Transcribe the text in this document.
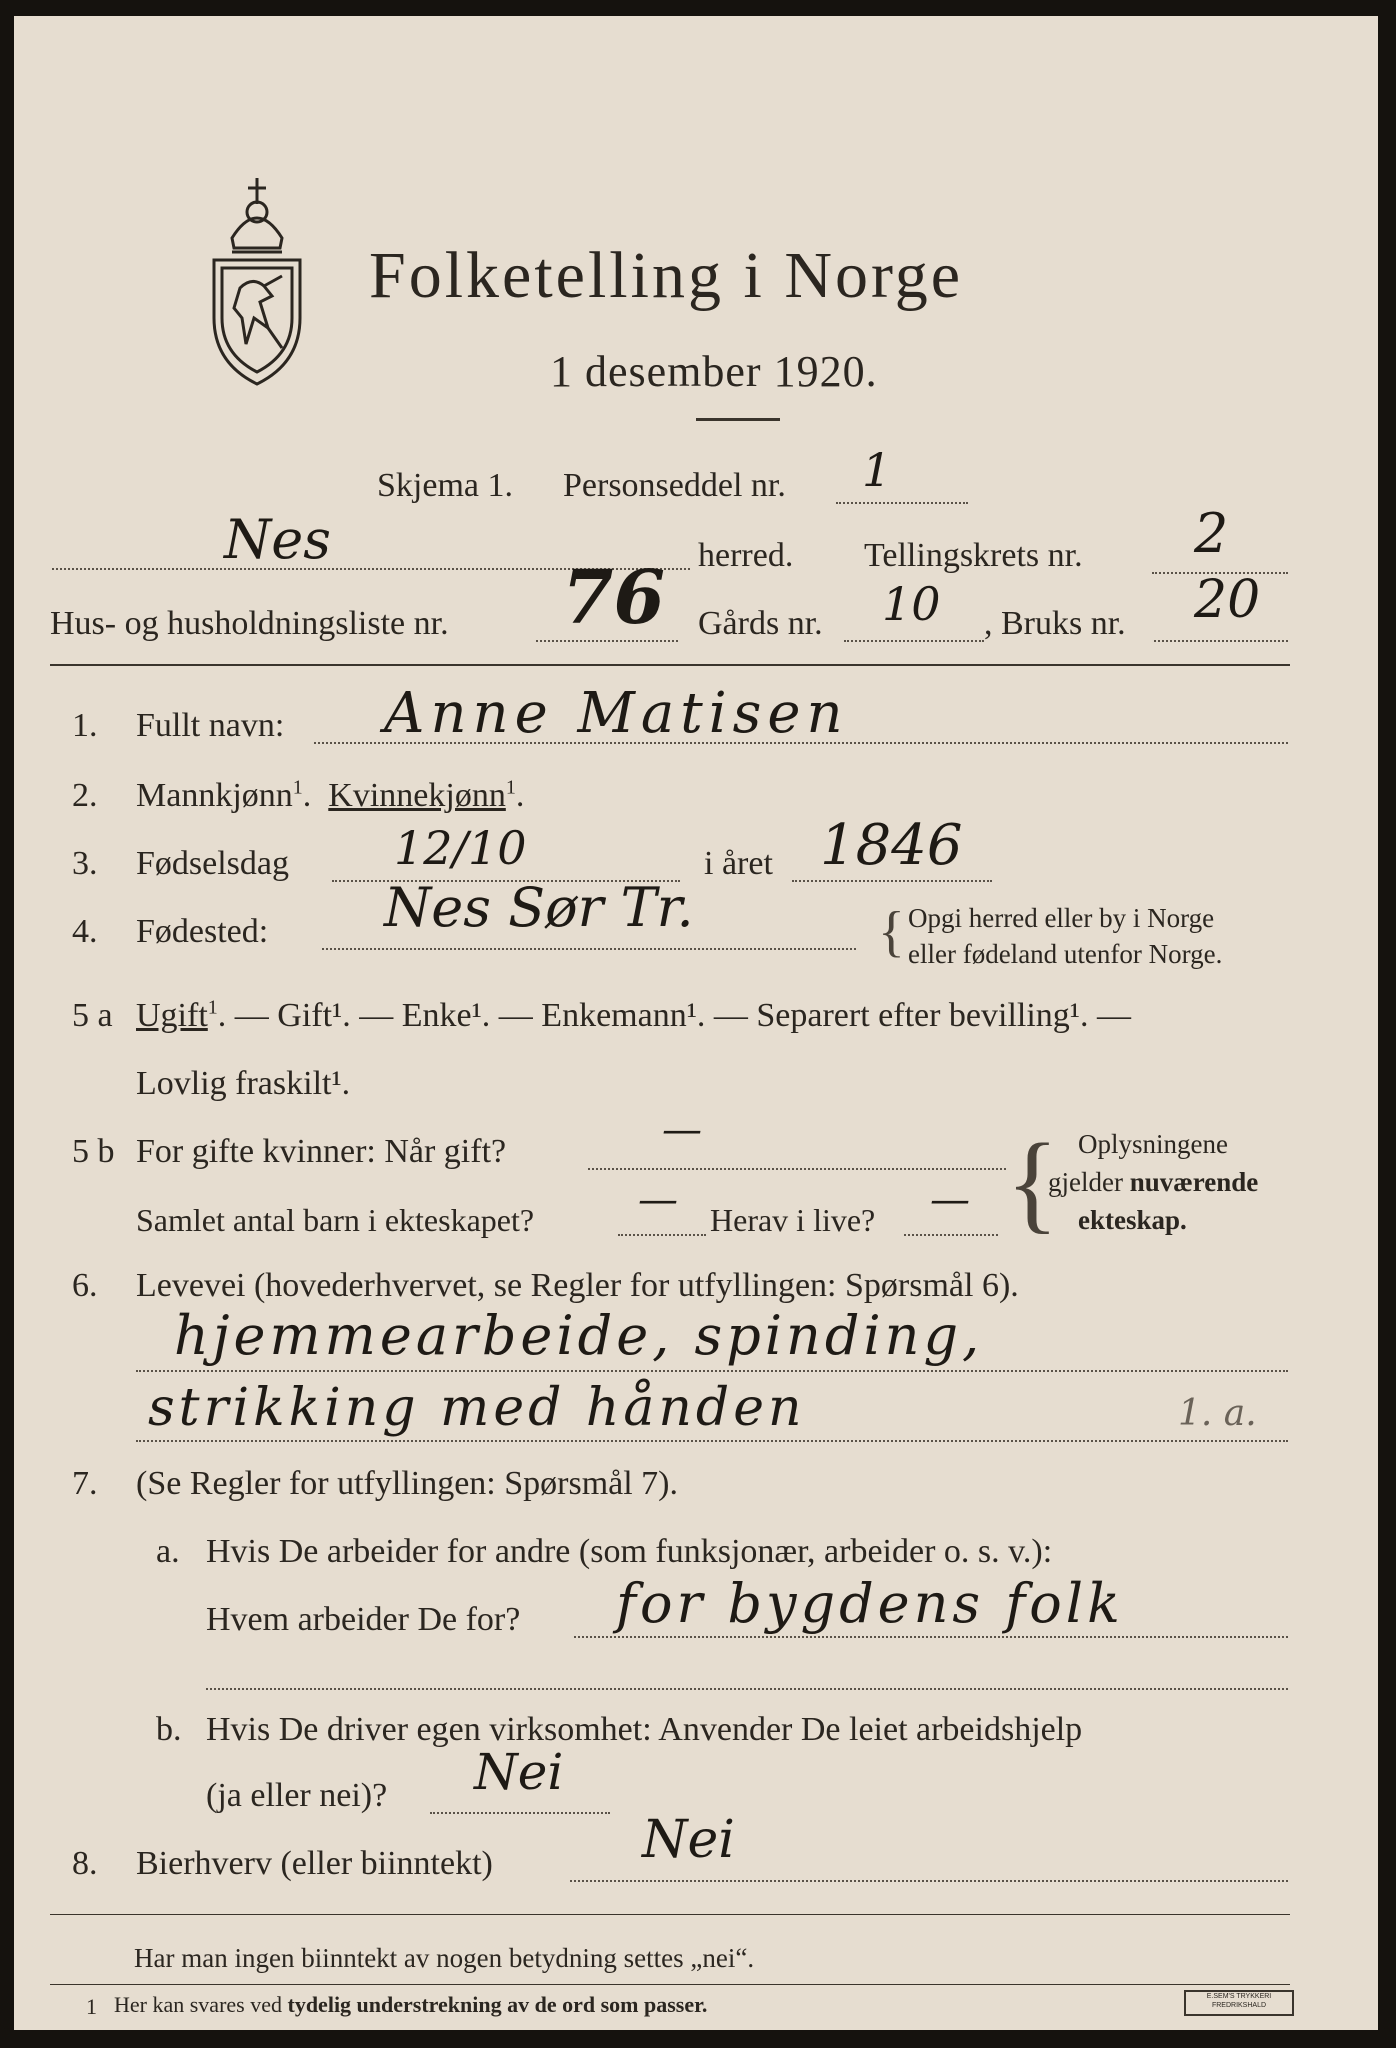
Folketelling i Norge
1 desember 1920.
Skjema 1. Personseddel nr. 1
Nes	herred. Tellingskrets nr. 2
Hus- og husholdningsliste nr. 76 Gårds nr. 10 , Bruks nr. 20
1. Fullt navn: Anne Matisen
2. Mannkjønn$^1$. Kvinnekjønn$^1$.
3. Fødselsdag 12/10	i året 1846
4. Fødested: Nes Sør Tr.	{ Opgi herred eller by i Norge
eller fødeland utenfor Norge.
5 a Ugift$^1$. — Gift¹. — Enke¹. — Enkemann¹. — Separert efter bevilling¹. —
Lovlig fraskilt¹.
5 b For gifte kvinner: Når gift?	—
Samlet antal barn i ekteskapet?	— Herav i live? — { Oplysningene
gjelder nuværende
ekteskap.
6. Levevei (hovederhvervet, se Regler for utfyllingen: Spørsmål 6).
hjemmearbeide, spinding,
strikking med hånden	1. a.
7. (Se Regler for utfyllingen: Spørsmål 7).
a. Hvis De arbeider for andre (som funksjonær, arbeider o. s. v.):
Hvem arbeider De for? for bygdens folk
b. Hvis De driver egen virksomhet: Anvender De leiet arbeidshjelp
(ja eller nei)? Nei
8. Bierhverv (eller biinntekt)	Nei
Har man ingen biinntekt av nogen betydning settes „nei“.
1 Her kan svares ved tydelig understrekning av de ord som passer.	E.SEM'S TRYKKERI FREDRIKSHALD
